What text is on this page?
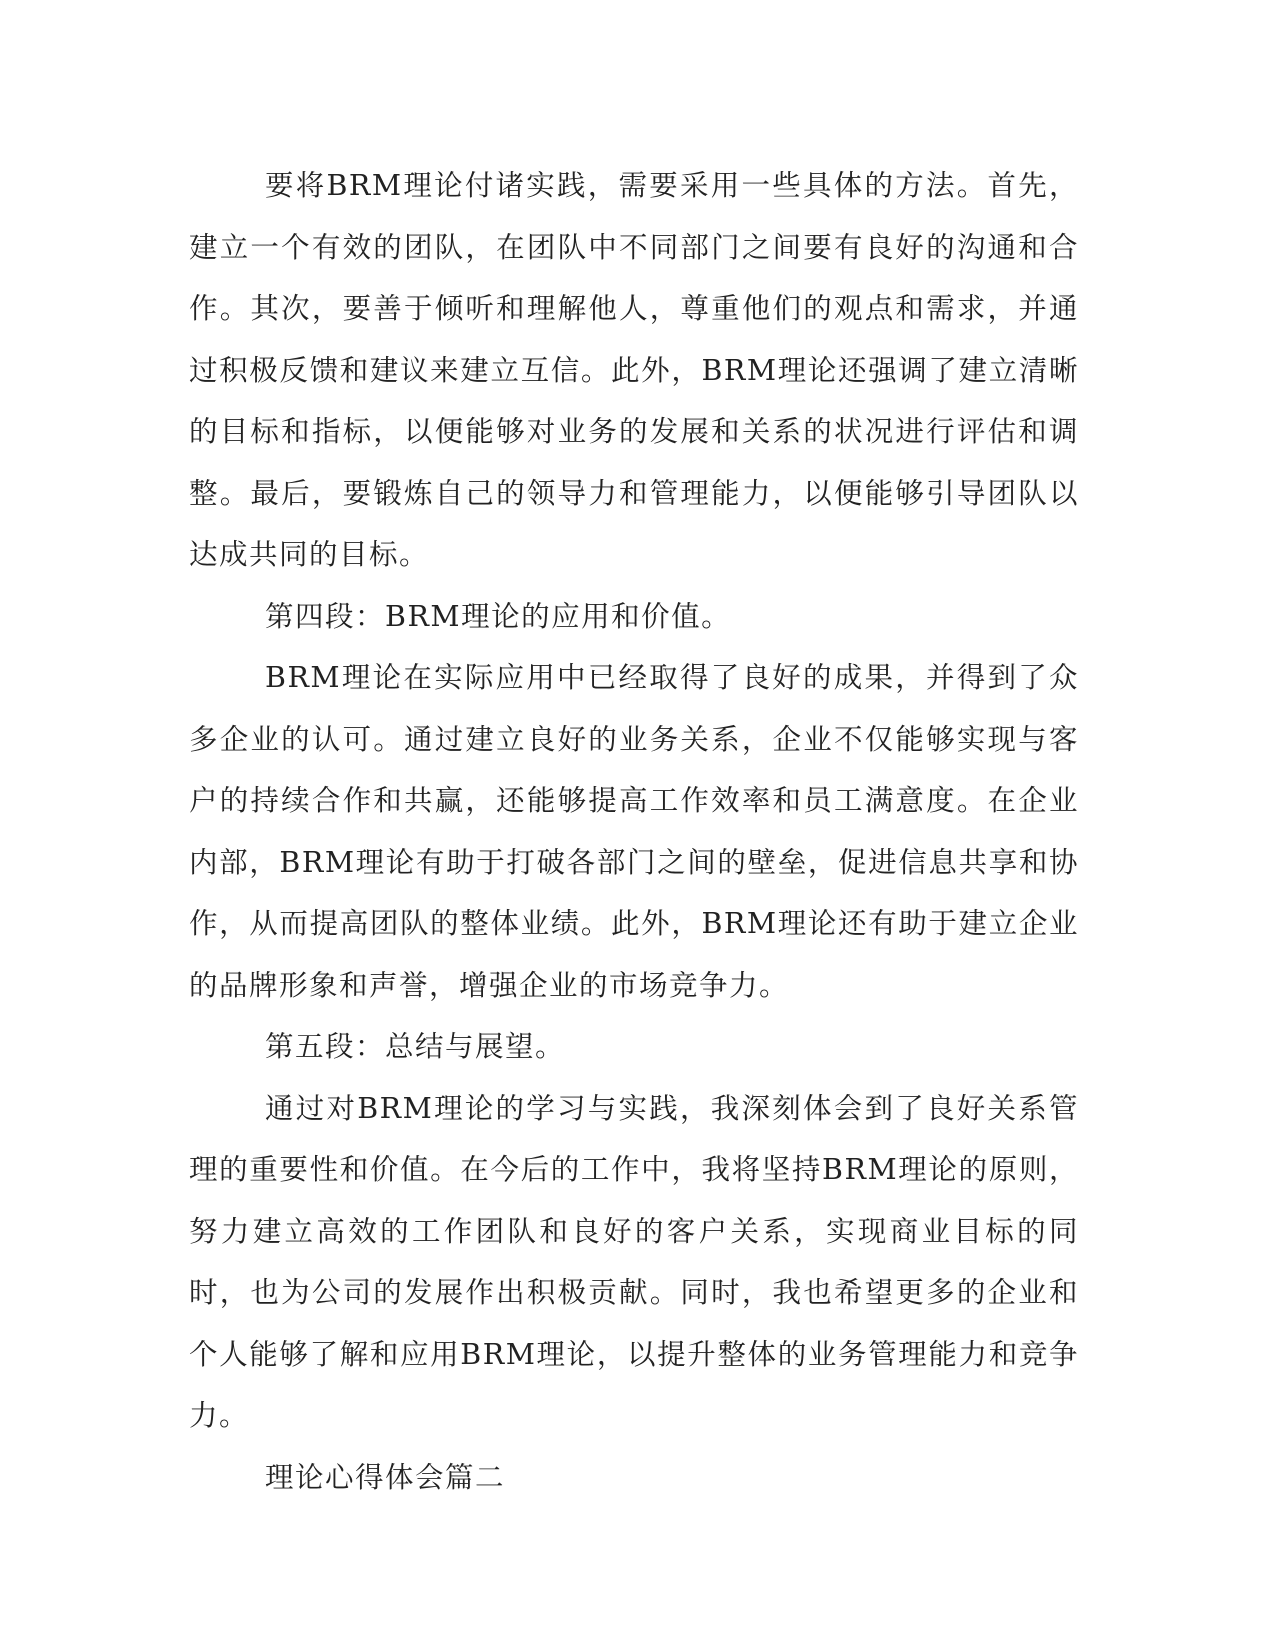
要将BRM理论付诸实践，需要采用一些具体的方法。首先，建立一个有效的团队，在团队中不同部门之间要有良好的沟通和合作。其次，要善于倾听和理解他人，尊重他们的观点和需求，并通过积极反馈和建议来建立互信。此外，BRM理论还强调了建立清晰的目标和指标，以便能够对业务的发展和关系的状况进行评估和调整。最后，要锻炼自己的领导力和管理能力，以便能够引导团队以达成共同的目标。

第四段：BRM理论的应用和价值。

BRM理论在实际应用中已经取得了良好的成果，并得到了众多企业的认可。通过建立良好的业务关系，企业不仅能够实现与客户的持续合作和共赢，还能够提高工作效率和员工满意度。在企业内部，BRM理论有助于打破各部门之间的壁垒，促进信息共享和协作，从而提高团队的整体业绩。此外，BRM理论还有助于建立企业的品牌形象和声誉，增强企业的市场竞争力。

第五段：总结与展望。

通过对BRM理论的学习与实践，我深刻体会到了良好关系管理的重要性和价值。在今后的工作中，我将坚持BRM理论的原则，努力建立高效的工作团队和良好的客户关系，实现商业目标的同时，也为公司的发展作出积极贡献。同时，我也希望更多的企业和个人能够了解和应用BRM理论，以提升整体的业务管理能力和竞争力。

理论心得体会篇二
